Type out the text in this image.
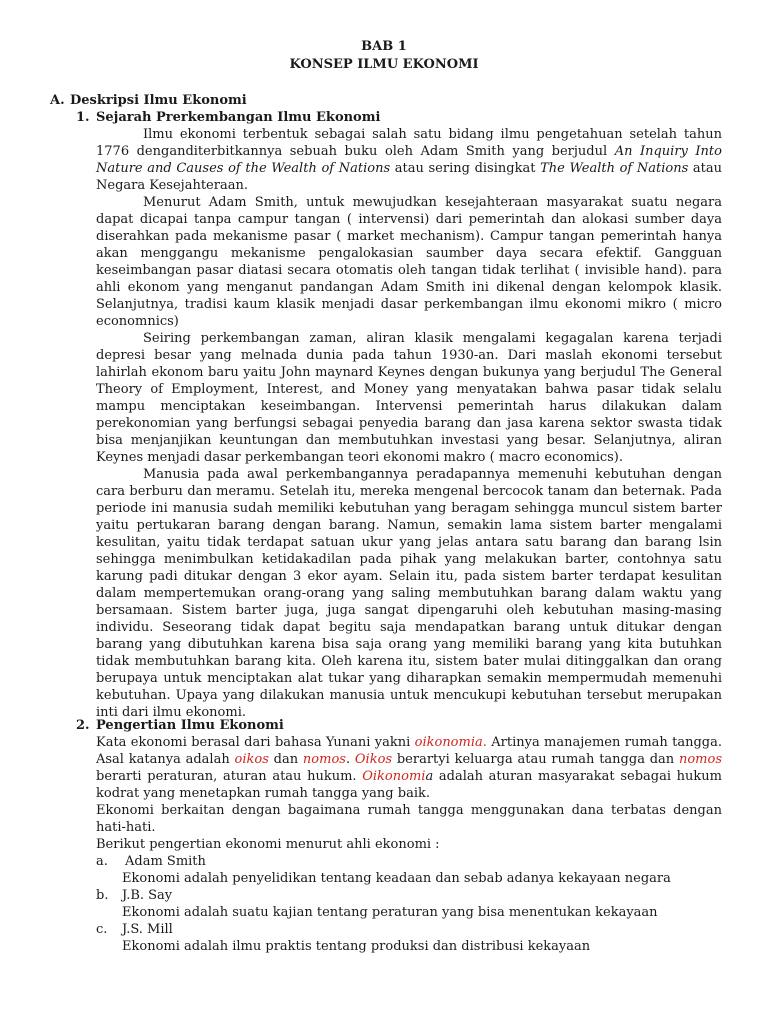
BAB 1
KONSEP ILMU EKONOMI
A. Deskripsi Ilmu Ekonomi
1. Sejarah Prerkembangan Ilmu Ekonomi

Ilmu ekonomi terbentuk sebagai salah satu bidang ilmu pengetahuan setelah tahun 1776 denganditerbitkannya sebuah buku oleh Adam Smith yang berjudul An Inquiry Into Nature and Causes of the Wealth of Nations atau sering disingkat The Wealth of Nations atau Negara Kesejahteraan.

Menurut Adam Smith, untuk mewujudkan kesejahteraan masyarakat suatu negara dapat dicapai tanpa campur tangan ( intervensi) dari pemerintah dan alokasi sumber daya diserahkan pada mekanisme pasar ( market mechanism). Campur tangan pemerintah hanya akan menggangu mekanisme pengalokasian saumber daya secara efektif. Gangguan keseimbangan pasar diatasi secara otomatis oleh tangan tidak terlihat ( invisible hand). para ahli ekonom yang menganut pandangan Adam Smith ini dikenal dengan kelompok klasik. Selanjutnya, tradisi kaum klasik menjadi dasar perkembangan ilmu ekonomi mikro ( micro economnics)

Seiring perkembangan zaman, aliran klasik mengalami kegagalan karena terjadi depresi besar yang melnada dunia pada tahun 1930-an. Dari maslah ekonomi tersebut lahirlah ekonom baru yaitu John maynard Keynes dengan bukunya yang berjudul The General Theory of Employment, Interest, and Money yang menyatakan bahwa pasar tidak selalu mampu menciptakan keseimbangan. Intervensi pemerintah harus dilakukan dalam perekonomian yang berfungsi sebagai penyedia barang dan jasa karena sektor swasta tidak bisa menjanjikan keuntungan dan membutuhkan investasi yang besar. Selanjutnya, aliran Keynes menjadi dasar perkembangan teori ekonomi makro ( macro economics).

Manusia pada awal perkembangannya peradapannya memenuhi kebutuhan dengan cara berburu dan meramu. Setelah itu, mereka mengenal bercocok tanam dan beternak. Pada periode ini manusia sudah memiliki kebutuhan yang beragam sehingga muncul sistem barter yaitu pertukaran barang dengan barang. Namun, semakin lama sistem barter mengalami kesulitan, yaitu tidak terdapat satuan ukur yang jelas antara satu barang dan barang lsin sehingga menimbulkan ketidakadilan pada pihak yang melakukan barter, contohnya satu karung padi ditukar dengan 3 ekor ayam. Selain itu, pada sistem barter terdapat kesulitan dalam mempertemukan orang-orang yang saling membutuhkan barang dalam waktu yang bersamaan. Sistem barter juga, juga sangat dipengaruhi oleh kebutuhan masing-masing individu. Seseorang tidak dapat begitu saja mendapatkan barang untuk ditukar dengan barang yang dibutuhkan karena bisa saja orang yang memiliki barang yang kita butuhkan tidak membutuhkan barang kita. Oleh karena itu, sistem bater mulai ditinggalkan dan orang berupaya untuk menciptakan alat tukar yang diharapkan semakin mempermudah memenuhi kebutuhan. Upaya yang dilakukan manusia untuk mencukupi kebutuhan tersebut merupakan inti dari ilmu ekonomi.

2. Pengertian Ilmu Ekonomi

Kata ekonomi berasal dari bahasa Yunani yakni oikonomia. Artinya manajemen rumah tangga. Asal katanya adalah oikos dan nomos. Oikos berartyi keluarga atau rumah tangga dan nomos berarti peraturan, aturan atau hukum. Oikonomia adalah aturan masyarakat sebagai hukum kodrat yang menetapkan rumah tangga yang baik.

Ekonomi berkaitan dengan bagaimana rumah tangga menggunakan dana terbatas dengan hati-hati.

Berikut pengertian ekonomi menurut ahli ekonomi :
a. Adam Smith
Ekonomi adalah penyelidikan tentang keadaan dan sebab adanya kekayaan negara
b. J.B. Say
Ekonomi adalah suatu kajian tentang peraturan yang bisa menentukan kekayaan
c. J.S. Mill
Ekonomi adalah ilmu praktis tentang produksi dan distribusi kekayaan
